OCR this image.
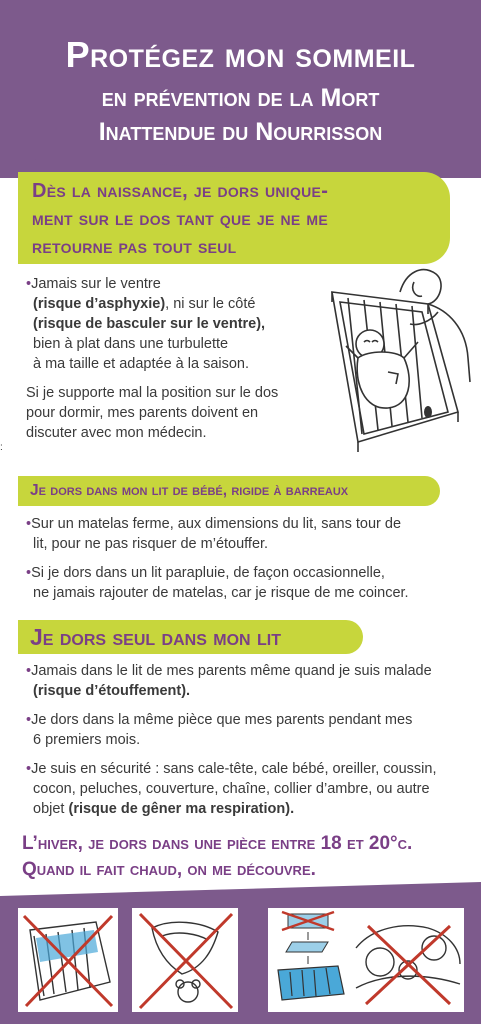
Protégez mon sommeil
en prévention de la Mort
Inattendue du Nourrisson
Dès la naissance, je dors unique-
ment sur le dos tant que je ne me
retourne pas tout seul
•Jamais sur le ventre
(risque d’asphyxie), ni sur le côté
(risque de basculer sur le ventre),
bien à plat dans une turbulette
à ma taille et adaptée à la saison.
Si je supporte mal la position sur le dos
pour dormir, mes parents doivent en
discuter avec mon médecin.
:
Je dors dans mon lit de bébé, rigide à barreaux
•Sur un matelas ferme, aux dimensions du lit, sans tour de
lit, pour ne pas risquer de m’étouffer.
•Si je dors dans un lit parapluie, de façon occasionnelle,
ne jamais rajouter de matelas, car je risque de me coincer.
Je dors seul dans mon lit
•Jamais dans le lit de mes parents même quand je suis malade
(risque d’étouffement).
•Je dors dans la même pièce que mes parents pendant mes
6 premiers mois.
•Je suis en sécurité : sans cale-tête, cale bébé, oreiller, coussin,
cocon, peluches, couverture, chaîne, collier d’ambre, ou autre
objet (risque de gêner ma respiration).
L’hiver, je dors dans une pièce entre 18 et 20°c.
Quand il fait chaud, on me découvre.
